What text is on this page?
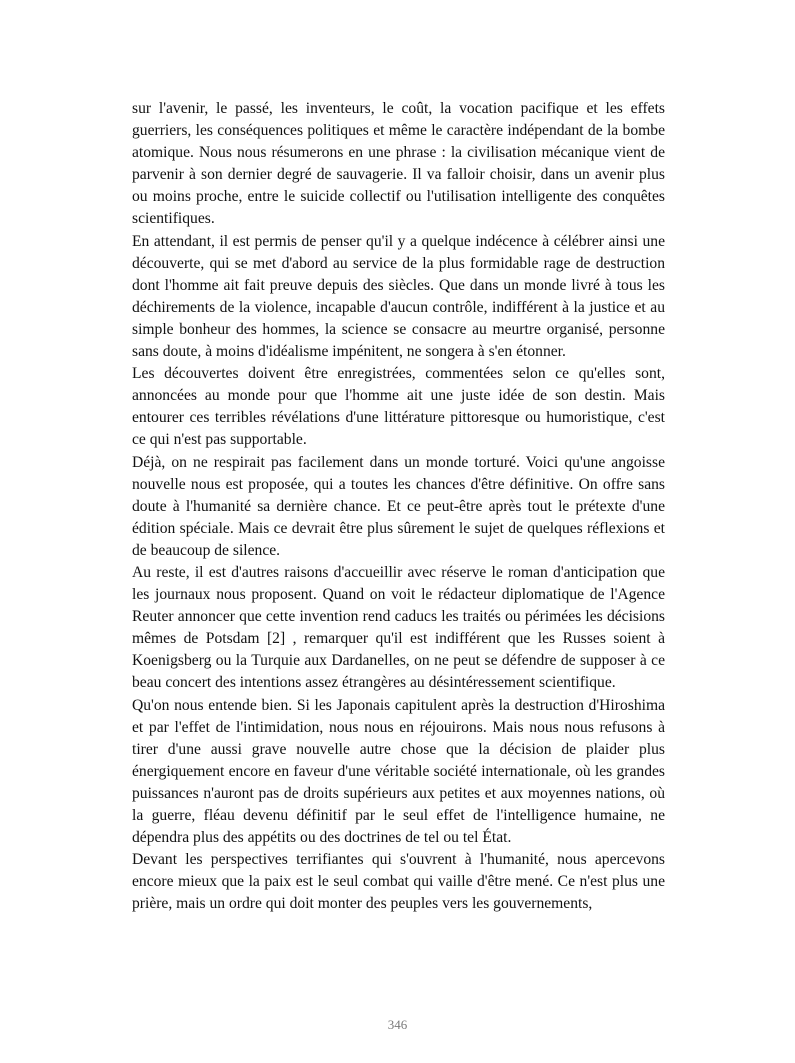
sur l'avenir, le passé, les inventeurs, le coût, la vocation pacifique et les effets guerriers, les conséquences politiques et même le caractère indépendant de la bombe atomique. Nous nous résumerons en une phrase : la civilisation mécanique vient de parvenir à son dernier degré de sauvagerie. Il va falloir choisir, dans un avenir plus ou moins proche, entre le suicide collectif ou l'utilisation intelligente des conquêtes scientifiques.

En attendant, il est permis de penser qu'il y a quelque indécence à célébrer ainsi une découverte, qui se met d'abord au service de la plus formidable rage de destruction dont l'homme ait fait preuve depuis des siècles. Que dans un monde livré à tous les déchirements de la violence, incapable d'aucun contrôle, indifférent à la justice et au simple bonheur des hommes, la science se consacre au meurtre organisé, personne sans doute, à moins d'idéalisme impénitent, ne songera à s'en étonner.

Les découvertes doivent être enregistrées, commentées selon ce qu'elles sont, annoncées au monde pour que l'homme ait une juste idée de son destin. Mais entourer ces terribles révélations d'une littérature pittoresque ou humoristique, c'est ce qui n'est pas supportable.

Déjà, on ne respirait pas facilement dans un monde torturé. Voici qu'une angoisse nouvelle nous est proposée, qui a toutes les chances d'être définitive. On offre sans doute à l'humanité sa dernière chance. Et ce peut-être après tout le prétexte d'une édition spéciale. Mais ce devrait être plus sûrement le sujet de quelques réflexions et de beaucoup de silence.

Au reste, il est d'autres raisons d'accueillir avec réserve le roman d'anticipation que les journaux nous proposent. Quand on voit le rédacteur diplomatique de l'Agence Reuter annoncer que cette invention rend caducs les traités ou périmées les décisions mêmes de Potsdam [2] , remarquer qu'il est indifférent que les Russes soient à Koenigsberg ou la Turquie aux Dardanelles, on ne peut se défendre de supposer à ce beau concert des intentions assez étrangères au désintéressement scientifique.

Qu'on nous entende bien. Si les Japonais capitulent après la destruction d'Hiroshima et par l'effet de l'intimidation, nous nous en réjouirons. Mais nous nous refusons à tirer d'une aussi grave nouvelle autre chose que la décision de plaider plus énergiquement encore en faveur d'une véritable société internationale, où les grandes puissances n'auront pas de droits supérieurs aux petites et aux moyennes nations, où la guerre, fléau devenu définitif par le seul effet de l'intelligence humaine, ne dépendra plus des appétits ou des doctrines de tel ou tel État.

Devant les perspectives terrifiantes qui s'ouvrent à l'humanité, nous apercevons encore mieux que la paix est le seul combat qui vaille d'être mené. Ce n'est plus une prière, mais un ordre qui doit monter des peuples vers les gouvernements,

346
